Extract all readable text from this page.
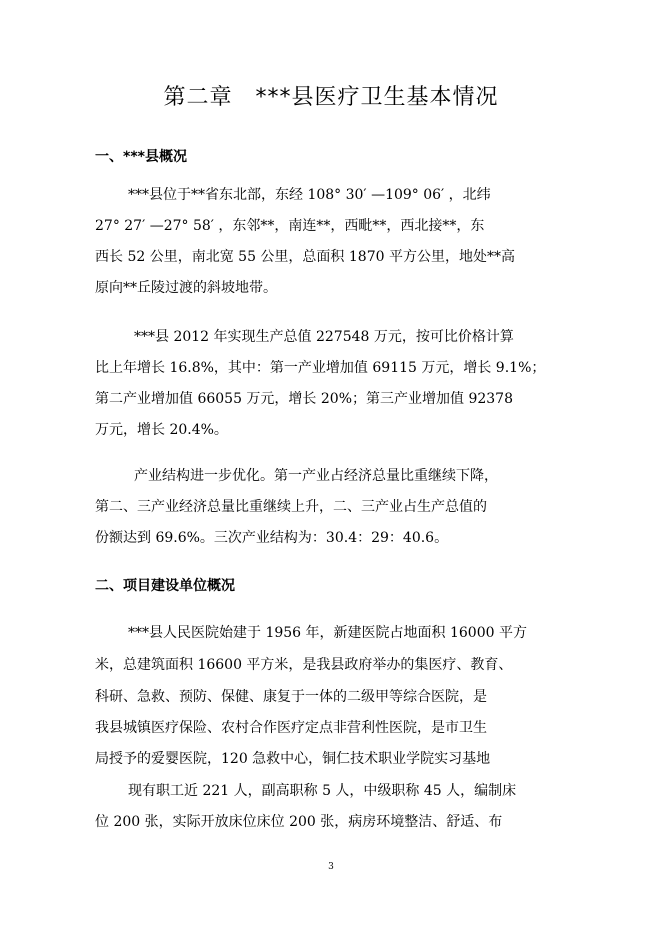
第二章　***县医疗卫生基本情况
一、***县概况
***县位于**省东北部，东经 108° 30′ —109° 06′ ，北纬
27° 27′ —27° 58′ ，东邻**，南连**，西毗**，西北接**，东
西长 52 公里，南北宽 55 公里，总面积 1870 平方公里，地处**高
原向**丘陵过渡的斜坡地带。
***县 2012 年实现生产总值 227548 万元，按可比价格计算
比上年增长 16.8%，其中：第一产业增加值 69115 万元，增长 9.1%；
第二产业增加值 66055 万元，增长 20%；第三产业增加值 92378
万元，增长 20.4%。
产业结构进一步优化。第一产业占经济总量比重继续下降，
第二、三产业经济总量比重继续上升，二、三产业占生产总值的
份额达到 69.6%。三次产业结构为：30.4：29：40.6。
二、项目建设单位概况
***县人民医院始建于 1956 年，新建医院占地面积 16000 平方
米，总建筑面积 16600 平方米，是我县政府举办的集医疗、教育、
科研、急救、预防、保健、康复于一体的二级甲等综合医院，是
我县城镇医疗保险、农村合作医疗定点非营利性医院，是市卫生
局授予的爱婴医院，120 急救中心，铜仁技术职业学院实习基地
现有职工近 221 人，副高职称 5 人，中级职称 45 人，编制床
位 200 张，实际开放床位床位 200 张，病房环境整洁、舒适、布
3
